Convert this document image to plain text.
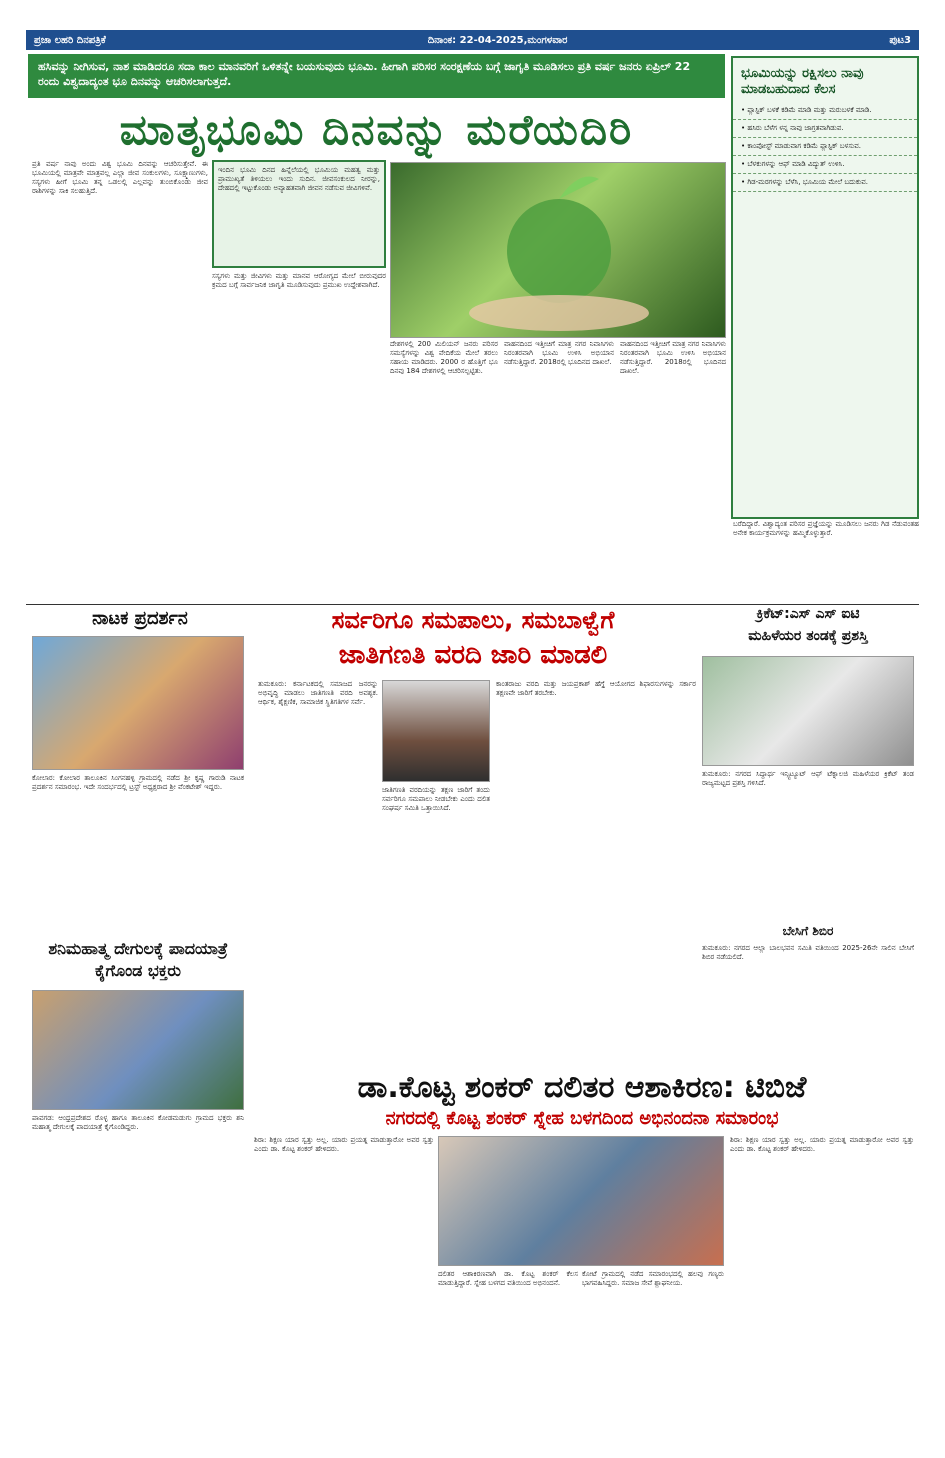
ಪ್ರಜಾ ಲಹರಿ ದಿನಪತ್ರಿಕೆ	ದಿನಾಂಕ: 22-04-2025,ಮಂಗಳವಾರ	ಪುಟ3
ಹಸಿವನ್ನು ನೀಗಿಸುವ, ನಾಶ ಮಾಡಿದರೂ ಸದಾ ಕಾಲ ಮಾನವರಿಗೆ ಒಳಿತನ್ನೇ ಬಯಸುವುದು ಭೂಮಿ. ಹೀಗಾಗಿ ಪರಿಸರ ಸಂರಕ್ಷಣೆಯ ಬಗ್ಗೆ ಜಾಗೃತಿ ಮೂಡಿಸಲು ಪ್ರತಿ ವರ್ಷ ಜನರು ಏಪ್ರಿಲ್ 22 ರಂದು ವಿಶ್ವದಾದ್ಯಂತ ಭೂ ದಿನವನ್ನು ಆಚರಿಸಲಾಗುತ್ತದೆ.
ಮಾತೃಭೂಮಿ ದಿನವನ್ನು ಮರೆಯದಿರಿ
ಪ್ರತಿ ವರ್ಷ ನಾವು ಅಂದು ವಿಶ್ವ ಭೂಮಿ ದಿನವನ್ನು ಆಚರಿಸುತ್ತೇವೆ. ಈ ಭೂಮಿಯಲ್ಲಿ ಮಾತ್ರವೇ ಮಾತ್ರವಲ್ಲ ಎಲ್ಲಾ ಜೀವ ಸಂಕುಲಗಳು, ಸೂಕ್ಷ್ಮಾಣುಗಳು, ಸಸ್ಯಗಳು ಹೀಗೆ ಭೂಮಿ ತನ್ನ ಒಡಲಲ್ಲಿ ಎಲ್ಲವನ್ನು ತುಂಬಿಕೊಂಡು ಜೀವ ರಾಶಿಗಳನ್ನು ಸಾಕಿ ಸಲಹುತ್ತಿದೆ.
ಇಂದಿನ ಭೂಮಿ ದಿನದ ಹಿನ್ನೆಲೆಯಲ್ಲಿ ಭೂಮಿಯ ಮಹತ್ವ ಮತ್ತು ಪ್ರಾಮುಖ್ಯತೆ ತಿಳಿಯಲು ಇಂದು ಸುದಿನ. ಜೀವಸಂಕುಲದ ನೀರನ್ನು, ದೇಹದಲ್ಲಿ ಇಟ್ಟುಕೊಂಡು ಅವ್ಯಾಹತವಾಗಿ ಜೀವನ ನಡೆಸುವ ಜೀವಿಗಳಿವೆ.
ಸಸ್ಯಗಳು ಮತ್ತು ಜೀವಿಗಳು ಮತ್ತು ಮಾನವ ಆರೋಗ್ಯದ ಮೇಲೆ ಬೀರುವುದರ ಕ್ರಮದ ಬಗ್ಗೆ ಸಾರ್ವಜನಿಕ ಜಾಗೃತಿ ಮೂಡಿಸುವುದು ಪ್ರಮುಖ ಉದ್ದೇಶವಾಗಿದೆ.
ದೇಶಗಳಲ್ಲಿ 200 ಮಿಲಿಯನ್ ಜನರು ಪರಿಸರ ಸಮಸ್ಯೆಗಳನ್ನು ವಿಶ್ವ ವೇದಿಕೆಯ ಮೇಲೆ ತರಲು ಸಹಾಯ ಮಾಡಿದರು. 2000 ರ ಹೊತ್ತಿಗೆ ಭೂ ದಿನವು 184 ದೇಶಗಳಲ್ಲಿ ಆಚರಿಸಲ್ಪಟ್ಟಿತು.
ವಾಹನದಿಂದ ಇತ್ತೀಚಿಗೆ ಮಾತ್ರ ನಗರ ನಿವಾಸಿಗಳು ನಿರಂತರವಾಗಿ ಭೂಮಿ ಉಳಿಸಿ ಅಭಿಯಾನ ನಡೆಸುತ್ತಿದ್ದಾರೆ. 2018ರಲ್ಲಿ ಭೂದಿನದ ದಾಖಲೆ.
ವಾಹನದಿಂದ ಇತ್ತೀಚಿಗೆ ಮಾತ್ರ ನಗರ ನಿವಾಸಿಗಳು ನಿರಂತರವಾಗಿ ಭೂಮಿ ಉಳಿಸಿ ಅಭಿಯಾನ ನಡೆಸುತ್ತಿದ್ದಾರೆ. 2018ರಲ್ಲಿ ಭೂದಿನದ ದಾಖಲೆ.
ಬರೆದಿದ್ದಾರೆ. ವಿಶ್ವಾದ್ಯಂತ ಪರಿಸರ ಪ್ರಜ್ಞೆಯನ್ನು ಮೂಡಿಸಲು ಜನರು ಗಿಡ ನೆಡುವಂತಹ ಅನೇಕ ಕಾರ್ಯಕ್ರಮಗಳನ್ನು ಹಮ್ಮಿಕೊಳ್ಳುತ್ತಾರೆ.
ಭೂಮಿಯನ್ನು ರಕ್ಷಿಸಲು ನಾವು ಮಾಡಬಹುದಾದ ಕೆಲಸ
• ಪ್ಲಾಸ್ಟಿಕ್ ಬಳಕೆ ಕಡಿಮೆ ಮಾಡಿ ಮತ್ತು ಮರುಬಳಕೆ ಮಾಡಿ.
• ಹಸಿರು ಬೆಳೆಗ ಳನ್ನ ನಾವು ಜಾಗ್ರತವಾಗಿಡುವ.
• ಕಾಂಪೋಸ್ಟ್ ಮಾಡುವಾಗ ಕಡಿಮೆ ಪ್ಲಾಸ್ಟಿಕ್ ಬಳಸುವ.
• ಬೆಳಕುಗಳನ್ನು ಆಫ್ ಮಾಡಿ ವಿದ್ಯುತ್ ಉಳಿಸಿ.
• ಗಿಡ-ಮರಗಳನ್ನು ಬೆಳೆಸಿ, ಭೂಮಿಯ ಮೇಲೆ ಬದುಕುವ.
ನಾಟಕ ಪ್ರದರ್ಶನ
ಕೋಲಾರ: ಕೋಲಾರ ತಾಲೂಕಿನ ಸಿಂಗನಹಳ್ಳಿ ಗ್ರಾಮದಲ್ಲಿ ನಡೆದ ಶ್ರೀ ಕೃಷ್ಣ ಗಾರುಡಿ ನಾಟಕ ಪ್ರದರ್ಶನ ಸಮಾರಂಭ. ಇದೇ ಸಂದರ್ಭದಲ್ಲಿ ಟ್ರಸ್ಟ್ ಅಧ್ಯಕ್ಷರಾದ ಶ್ರೀ ವೆಂಕಟೇಶ್ ಇದ್ದರು.
ಶನಿಮಹಾತ್ಮ ದೇಗುಲಕ್ಕೆ ಪಾದಯಾತ್ರೆ ಕೈಗೊಂಡ ಭಕ್ತರು
ಪಾವಗಡ: ಆಂಧ್ರಪ್ರದೇಶದ ರೊಳ್ಳ ಹಾಗೂ ತಾಲೂಕಿನ ಕೋಡಮಡುಗು ಗ್ರಾಮದ ಭಕ್ತರು ಶನಿ ಮಹಾತ್ಮ ದೇಗುಲಕ್ಕೆ ಪಾದಯಾತ್ರೆ ಕೈಗೊಂಡಿದ್ದರು.
ಸರ್ವರಿಗೂ ಸಮಪಾಲು, ಸಮಬಾಳ್ವೆಗೆ
ಜಾತಿಗಣತಿ ವರದಿ ಜಾರಿ ಮಾಡಲಿ
ತುಮಕೂರು: ಕರ್ನಾಟಕದಲ್ಲಿ ಸಮಾಜದ ಜನರನ್ನು ಅಭಿವೃದ್ಧಿ ಮಾಡಲು ಜಾತಿಗಣತಿ ವರದಿ ಅವಶ್ಯಕ. ಆರ್ಥಿಕ, ಶೈಕ್ಷಣಿಕ, ಸಾಮಾಜಿಕ ಸ್ಥಿತಿಗತಿಗಳ ಸರ್ವೆ.
ಜಾತಿಗಣತಿ ವರದಿಯನ್ನು ತಕ್ಷಣ ಜಾರಿಗೆ ತಂದು ಸರ್ವರಿಗೂ ಸಮಪಾಲು ನೀಡಬೇಕು ಎಂದು ದಲಿತ ಸಂಘರ್ಷ ಸಮಿತಿ ಒತ್ತಾಯಿಸಿದೆ.
ಕಾಂತರಾಜು ವರದಿ ಮತ್ತು ಜಯಪ್ರಕಾಶ್ ಹೆಗ್ಡೆ ಆಯೋಗದ ಶಿಫಾರಸುಗಳನ್ನು ಸರ್ಕಾರ ತಕ್ಷಣವೇ ಜಾರಿಗೆ ತರಬೇಕು.
ಕ್ರಿಕೆಟ್:ಎಸ್ ಎಸ್ ಐಟಿ
ಮಹಿಳೆಯರ ತಂಡಕ್ಕೆ ಪ್ರಶಸ್ತಿ
ತುಮಕೂರು: ನಗರದ ಸಿದ್ದಾರ್ಥ ಇನ್ಸ್ಟಿಟ್ಯೂಟ್ ಆಫ್ ಟೆಕ್ನಾಲಜಿ ಮಹಿಳೆಯರ ಕ್ರಿಕೆಟ್ ತಂಡ ರಾಜ್ಯಮಟ್ಟದ ಪ್ರಶಸ್ತಿ ಗಳಿಸಿದೆ.
ಬೇಸಿಗೆ ಶಿಬಿರ
ತುಮಕೂರು: ನಗರದ ಆಲ್ಲಾ ಬಾಲಭವನ ಸಮಿತಿ ವತಿಯಿಂದ 2025-26ನೇ ಸಾಲಿನ ಬೇಸಿಗೆ ಶಿಬಿರ ನಡೆಯಲಿದೆ.
ಡಾ.ಕೊಟ್ಟ ಶಂಕರ್ ದಲಿತರ ಆಶಾಕಿರಣ: ಟಿಬಿಜೆ
ನಗರದಲ್ಲಿ ಕೊಟ್ಟ ಶಂಕರ್ ಸ್ನೇಹ ಬಳಗದಿಂದ ಅಭಿನಂದನಾ ಸಮಾರಂಭ
ಶಿರಾ: ಶಿಕ್ಷಣ ಯಾರ ಸ್ವತ್ತು ಅಲ್ಲ. ಯಾರು ಪ್ರಯತ್ನ ಮಾಡುತ್ತಾರೋ ಅವರ ಸ್ವತ್ತು ಎಂದು ಡಾ. ಕೊಟ್ಟ ಶಂಕರ್ ಹೇಳಿದರು.
ದಲಿತರ ಆಶಾಕಿರಣವಾಗಿ ಡಾ. ಕೊಟ್ಟ ಶಂಕರ್ ಕೆಲಸ ಮಾಡುತ್ತಿದ್ದಾರೆ. ಸ್ನೇಹ ಬಳಗದ ವತಿಯಿಂದ ಅಭಿನಂದನೆ.
ಕೋಟೆ ಗ್ರಾಮದಲ್ಲಿ ನಡೆದ ಸಮಾರಂಭದಲ್ಲಿ ಹಲವು ಗಣ್ಯರು ಭಾಗವಹಿಸಿದ್ದರು. ಸಮಾಜ ಸೇವೆ ಶ್ಲಾಘನೀಯ.
ಶಿರಾ: ಶಿಕ್ಷಣ ಯಾರ ಸ್ವತ್ತು ಅಲ್ಲ. ಯಾರು ಪ್ರಯತ್ನ ಮಾಡುತ್ತಾರೋ ಅವರ ಸ್ವತ್ತು ಎಂದು ಡಾ. ಕೊಟ್ಟ ಶಂಕರ್ ಹೇಳಿದರು.
